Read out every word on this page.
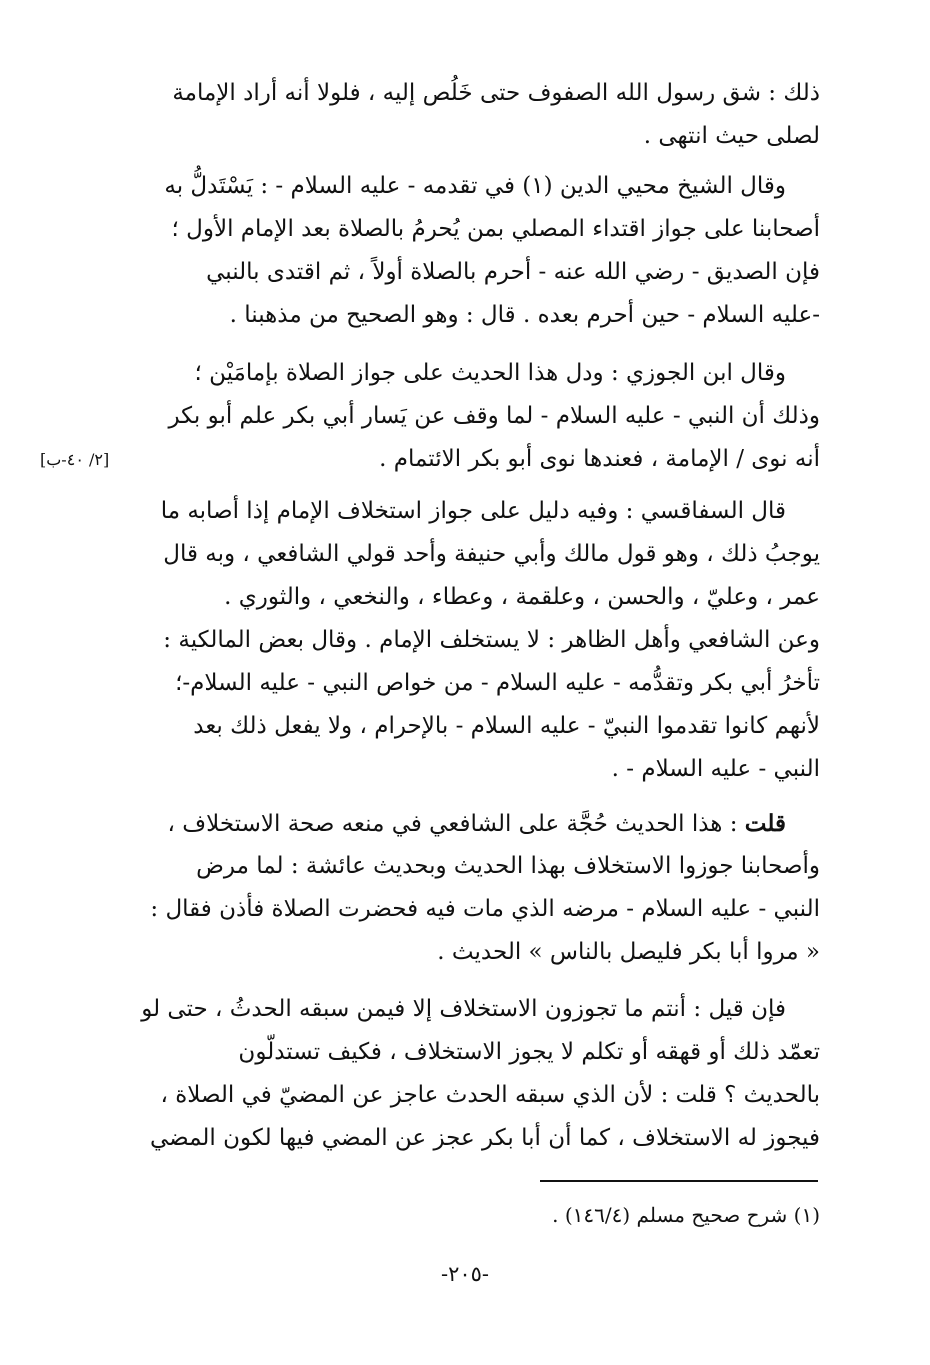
ذلك : شق رسول الله الصفوف حتى خَلُص إليه ، فلولا أنه أراد الإمامة
لصلى حيث انتهى .
وقال الشيخ محيي الدين (١) في تقدمه - عليه السلام - : يَسْتَدلُّ به
أصحابنا على جواز اقتداء المصلي بمن يُحرمُ بالصلاة بعد الإمام الأول ؛
فإن الصديق - رضي الله عنه - أحرم بالصلاة أولاً ، ثم اقتدى بالنبي
-عليه السلام - حين أحرم بعده . قال : وهو الصحيح من مذهبنا .
وقال ابن الجوزي : ودل هذا الحديث على جواز الصلاة بإمامَيْن ؛
وذلك أن النبي - عليه السلام - لما وقف عن يَسار أبي بكر علم أبو بكر
أنه نوى / الإمامة ، فعندها نوى أبو بكر الائتمام .
[٢/ ٤٠-ب]
قال السفاقسي : وفيه دليل على جواز استخلاف الإمام إذا أصابه ما
يوجبُ ذلك ، وهو قول مالك وأبي حنيفة وأحد قولي الشافعي ، وبه قال
عمر ، وعليّ ، والحسن ، وعلقمة ، وعطاء ، والنخعي ، والثوري .
وعن الشافعي وأهل الظاهر : لا يستخلف الإمام . وقال بعض المالكية :
تأخرُ أبي بكر وتقدُّمه - عليه السلام - من خواص النبي - عليه السلام-؛
لأنهم كانوا تقدموا النبيّ - عليه السلام - بالإحرام ، ولا يفعل ذلك بعد
النبي - عليه السلام - .
قلت : هذا الحديث حُجَّة على الشافعي في منعه صحة الاستخلاف ،
وأصحابنا جوزوا الاستخلاف بهذا الحديث وبحديث عائشة : لما مرض
النبي - عليه السلام - مرضه الذي مات فيه فحضرت الصلاة فأذن فقال :
« مروا أبا بكر فليصل بالناس » الحديث .
فإن قيل : أنتم ما تجوزون الاستخلاف إلا فيمن سبقه الحدثُ ، حتى لو
تعمّد ذلك أو قهقه أو تكلم لا يجوز الاستخلاف ، فكيف تستدلّون
بالحديث ؟ قلت : لأن الذي سبقه الحدث عاجز عن المضيّ في الصلاة ،
فيجوز له الاستخلاف ، كما أن أبا بكر عجز عن المضي فيها لكون المضي
(١) شرح صحيح مسلم (١٤٦/٤) .
-٢٠٥-
